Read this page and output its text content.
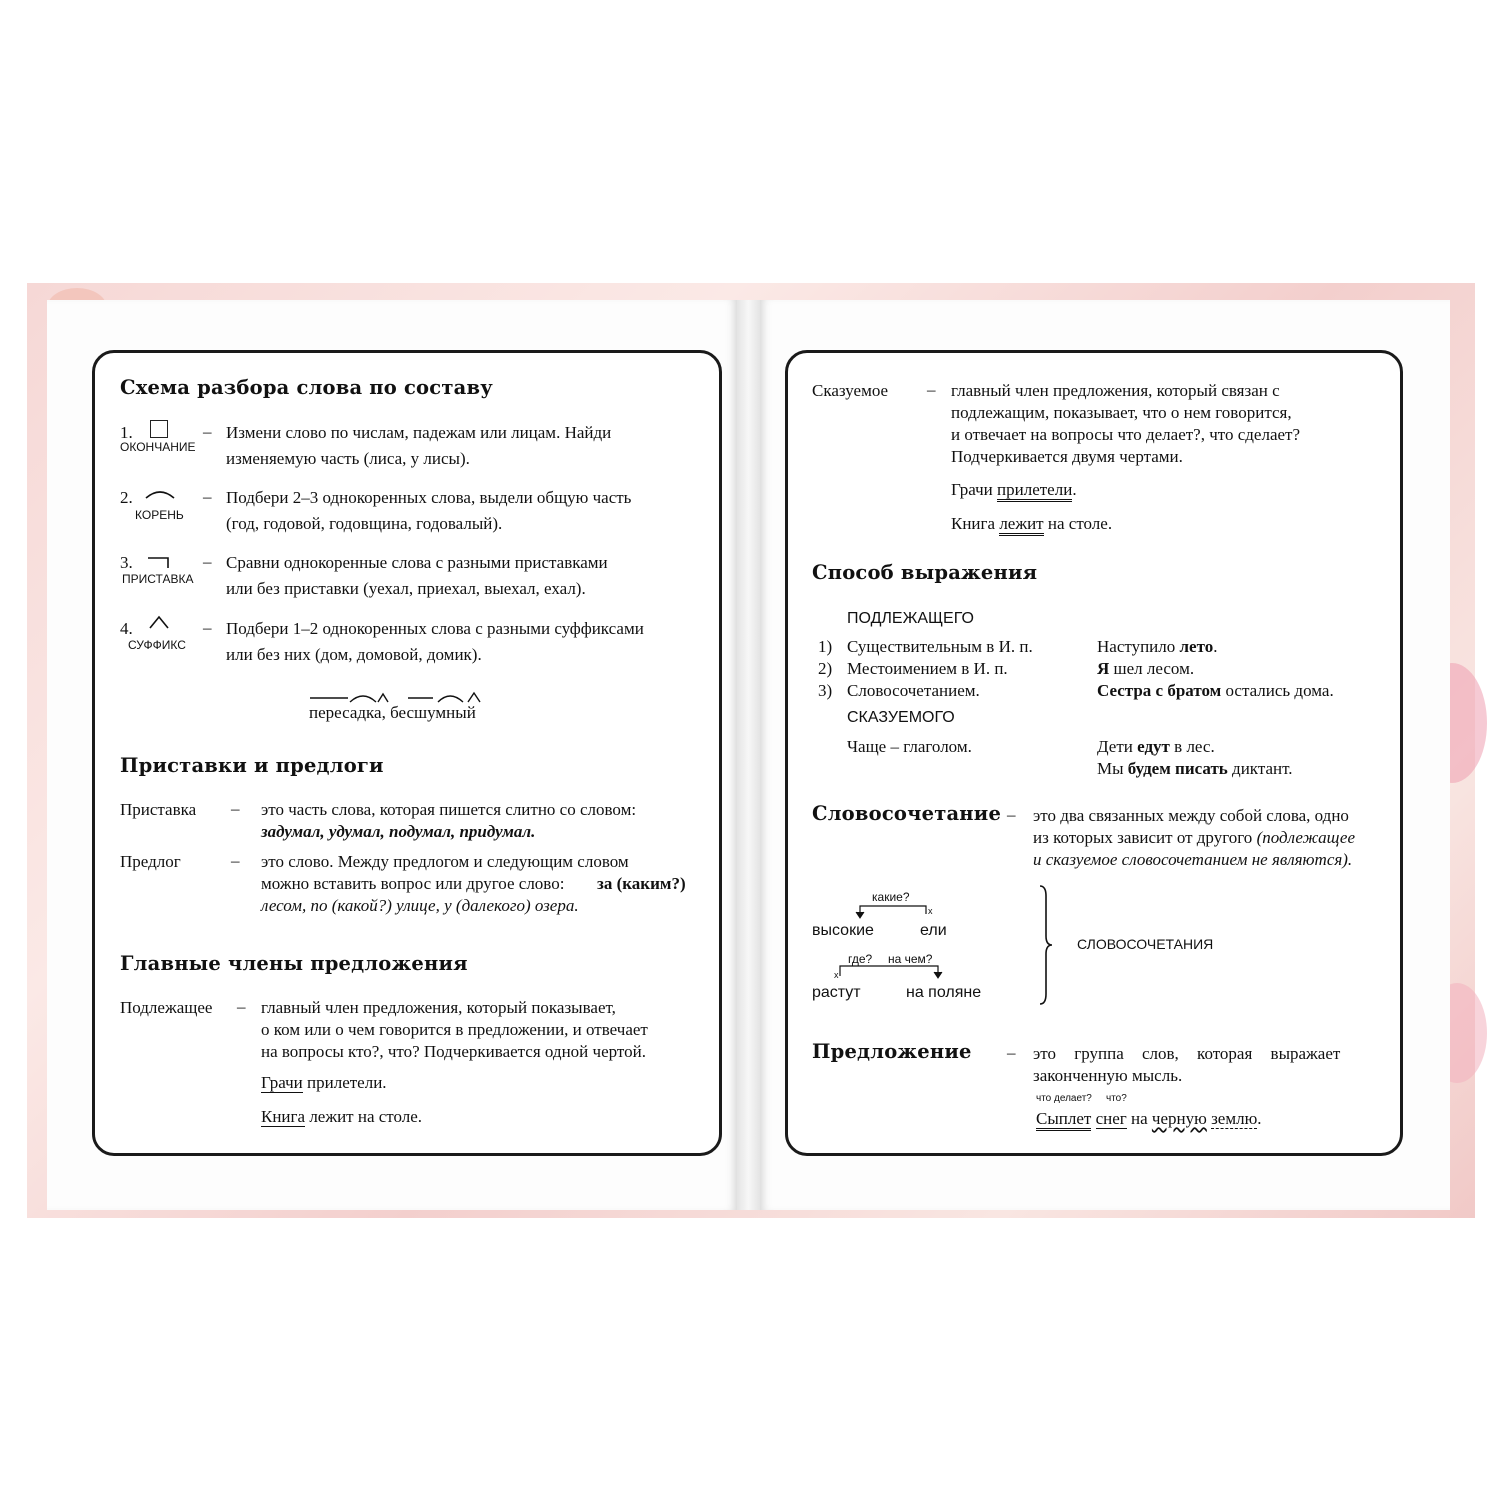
Схема разбора слова по составу
1.
ОКОНЧАНИЕ
– Измени слово по числам, падежам или лицам. Найди
изменяемую часть (лиса, у лисы).
2.
КОРЕНЬ
– Подбери 2–3 однокоренных слова, выдели общую часть
(год, годовой, годовщина, годовалый).
3.
ПРИСТАВКА
– Сравни однокоренные слова с разными приставками
или без приставки (уехал, приехал, выехал, ехал).
4.
СУФФИКС
– Подбери 1–2 однокоренных слова с разными суффиксами
или без них (дом, домовой, домик).
пересадка, бесшумный
Приставки и предлоги
Приставка – это часть слова, которая пишется слитно со словом:
задумал, удумал, подумал, придумал.
Предлог	– это слово. Между предлогом и следующим словом
можно вставить вопрос или другое слово: за (каким?)
лесом, по (какой?) улице, у (далекого) озера.
Главные члены предложения
Подлежащее – главный член предложения, который показывает,
о ком или о чем говорится в предложении, и отвечает
на вопросы кто?, что? Подчеркивается одной чертой.
Грачи прилетели.
Книга лежит на столе.
Сказуемое – главный член предложения, который связан с
подлежащим, показывает, что о нем говорится,
и отвечает на вопросы что делает?, что сделает?
Подчеркивается двумя чертами.
Грачи прилетели.
Книга лежит на столе.
Способ выражения
ПОДЛЕЖАЩЕГО
1) Существительным в И. п.	Наступило лето.
2) Местоимением в И. п.	Я шел лесом.
3) Словосочетанием.	Сестра с братом остались дома.
СКАЗУЕМОГО
Чаще – глаголом.	Дети едут в лес.
Мы будем писать диктант.
Словосочетание – это два связанных между собой слова, одно
из которых зависит от другого (подлежащее
и сказуемое словосочетанием не являются).
какие?
x
высокие	ели
где? на чем?
x
растут	на поляне
СЛОВОСОЧЕТАНИЯ
Предложение – это группа слов, которая выражает
законченную мысль.
что делает? что?
Сыплет снег на черную землю.
